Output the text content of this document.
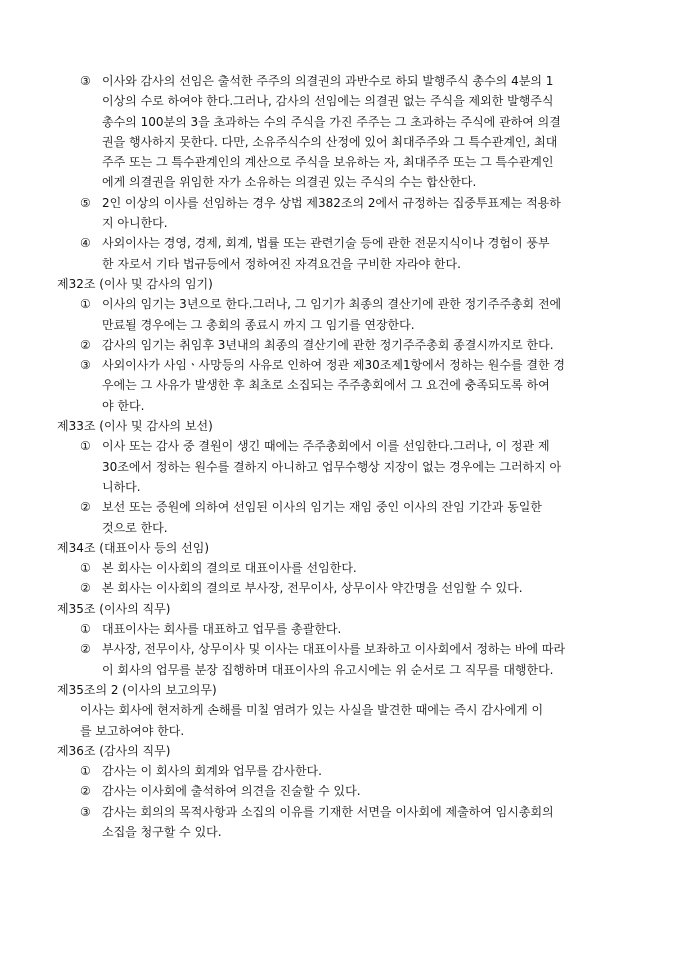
③ 이사와 감사의 선임은 출석한 주주의 의결권의 과반수로 하되 발행주식 총수의 4분의 1
이상의 수로 하여야 한다.그러나, 감사의 선임에는 의결권 없는 주식을 제외한 발행주식
총수의 100분의 3을 초과하는 수의 주식을 가진 주주는 그 초과하는 주식에 관하여 의결
권을 행사하지 못한다. 다만, 소유주식수의 산정에 있어 최대주주와 그 특수관계인, 최대
주주 또는 그 특수관계인의 계산으로 주식을 보유하는 자, 최대주주 또는 그 특수관계인
에게 의결권을 위임한 자가 소유하는 의결권 있는 주식의 수는 합산한다.
⑤ 2인 이상의 이사를 선임하는 경우 상법 제382조의 2에서 규정하는 집중투표제는 적용하
지 아니한다.
④ 사외이사는 경영, 경제, 회계, 법률 또는 관련기술 등에 관한 전문지식이나 경험이 풍부
한 자로서 기타 법규등에서 정하여진 자격요건을 구비한 자라야 한다.
제32조 (이사 및 감사의 임기)
① 이사의 임기는 3년으로 한다.그러나, 그 임기가 최종의 결산기에 관한 정기주주총회 전에
만료될 경우에는 그 총회의 종료시 까지 그 임기를 연장한다.
② 감사의 임기는 취임후 3년내의 최종의 결산기에 관한 정기주주총회 종결시까지로 한다.
③ 사외이사가 사임ㆍ사망등의 사유로 인하여 정관 제30조제1항에서 정하는 원수를 결한 경
우에는 그 사유가 발생한 후 최초로 소집되는 주주총회에서 그 요건에 충족되도록 하여
야 한다.
제33조 (이사 및 감사의 보선)
① 이사 또는 감사 중 결원이 생긴 때에는 주주총회에서 이를 선임한다.그러나, 이 정관 제
30조에서 정하는 원수를 결하지 아니하고 업무수행상 지장이 없는 경우에는 그러하지 아
니하다.
② 보선 또는 증원에 의하여 선임된 이사의 임기는 재임 중인 이사의 잔임 기간과 동일한
것으로 한다.
제34조 (대표이사 등의 선임)
① 본 회사는 이사회의 결의로 대표이사를 선임한다.
② 본 회사는 이사회의 결의로 부사장, 전무이사, 상무이사 약간명을 선임할 수 있다.
제35조 (이사의 직무)
① 대표이사는 회사를 대표하고 업무를 총괄한다.
② 부사장, 전무이사, 상무이사 및 이사는 대표이사를 보좌하고 이사회에서 정하는 바에 따라
이 회사의 업무를 분장 집행하며 대표이사의 유고시에는 위 순서로 그 직무를 대행한다.
제35조의 2 (이사의 보고의무)
이사는 회사에 현저하게 손해를 미칠 염려가 있는 사실을 발견한 때에는 즉시 감사에게 이
를 보고하여야 한다.
제36조 (감사의 직무)
① 감사는 이 회사의 회계와 업무를 감사한다.
② 감사는 이사회에 출석하여 의견을 진술할 수 있다.
③ 감사는 회의의 목적사항과 소집의 이유를 기재한 서면을 이사회에 제출하여 임시총회의
소집을 청구할 수 있다.
